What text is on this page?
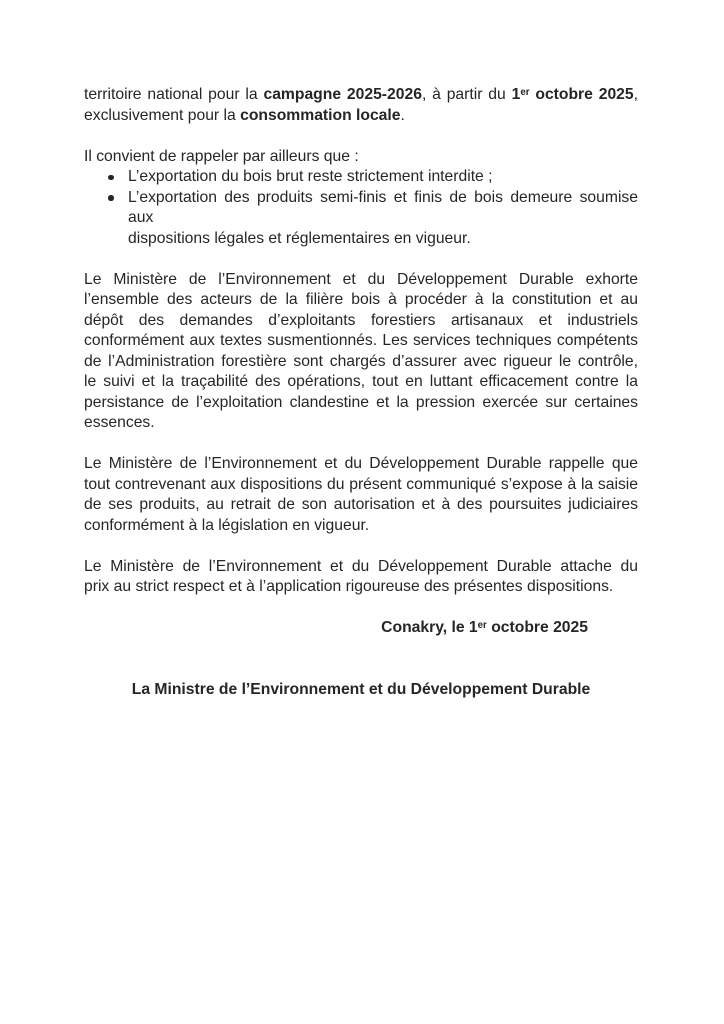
territoire national pour la campagne 2025-2026, à partir du 1er octobre 2025,
exclusivement pour la consommation locale.
Il convient de rappeler par ailleurs que :
L’exportation du bois brut reste strictement interdite ;
L’exportation des produits semi-finis et finis de bois demeure soumise aux
dispositions légales et réglementaires en vigueur.
Le Ministère de l’Environnement et du Développement Durable exhorte
l’ensemble des acteurs de la filière bois à procéder à la constitution et au
dépôt des demandes d’exploitants forestiers artisanaux et industriels
conformément aux textes susmentionnés. Les services techniques compétents
de l’Administration forestière sont chargés d’assurer avec rigueur le contrôle,
le suivi et la traçabilité des opérations, tout en luttant efficacement contre la
persistance de l’exploitation clandestine et la pression exercée sur certaines
essences.
Le Ministère de l’Environnement et du Développement Durable rappelle que
tout contrevenant aux dispositions du présent communiqué s’expose à la saisie
de ses produits, au retrait de son autorisation et à des poursuites judiciaires
conformément à la législation en vigueur.
Le Ministère de l’Environnement et du Développement Durable attache du
prix au strict respect et à l’application rigoureuse des présentes dispositions.
Conakry, le 1er octobre 2025
La Ministre de l’Environnement et du Développement Durable
